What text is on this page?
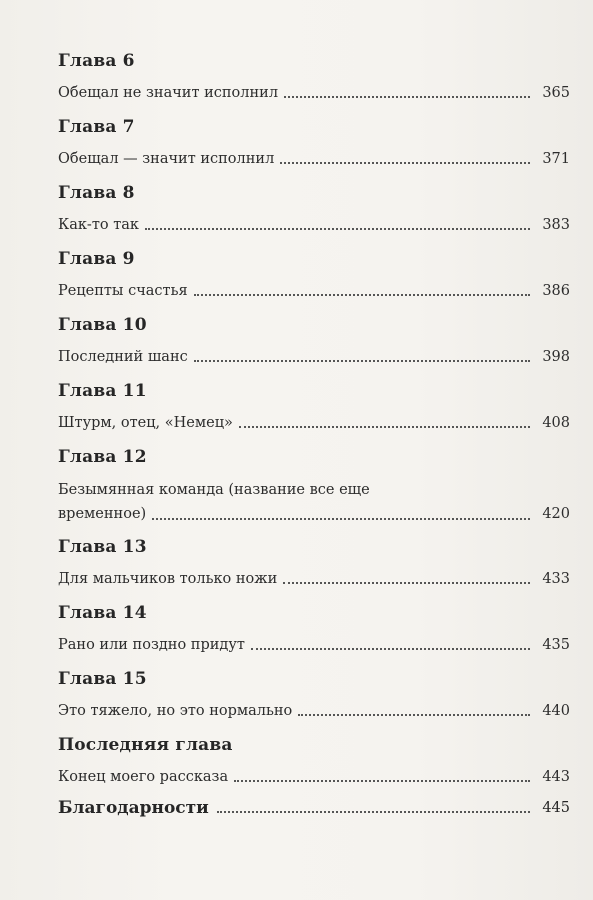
Глава 6
Обещал не значит исполнил	365
Глава 7
Обещал — значит исполнил	371
Глава 8
Как-то так	383
Глава 9
Рецепты счастья	386
Глава 10
Последний шанс	398
Глава 11
Штурм, отец, «Немец»	408
Глава 12
Безымянная команда (название все еще
временное)	420
Глава 13
Для мальчиков только ножи	433
Глава 14
Рано или поздно придут	435
Глава 15
Это тяжело, но это нормально	440
Последняя глава
Конец моего рассказа	443
Благодарности	445
